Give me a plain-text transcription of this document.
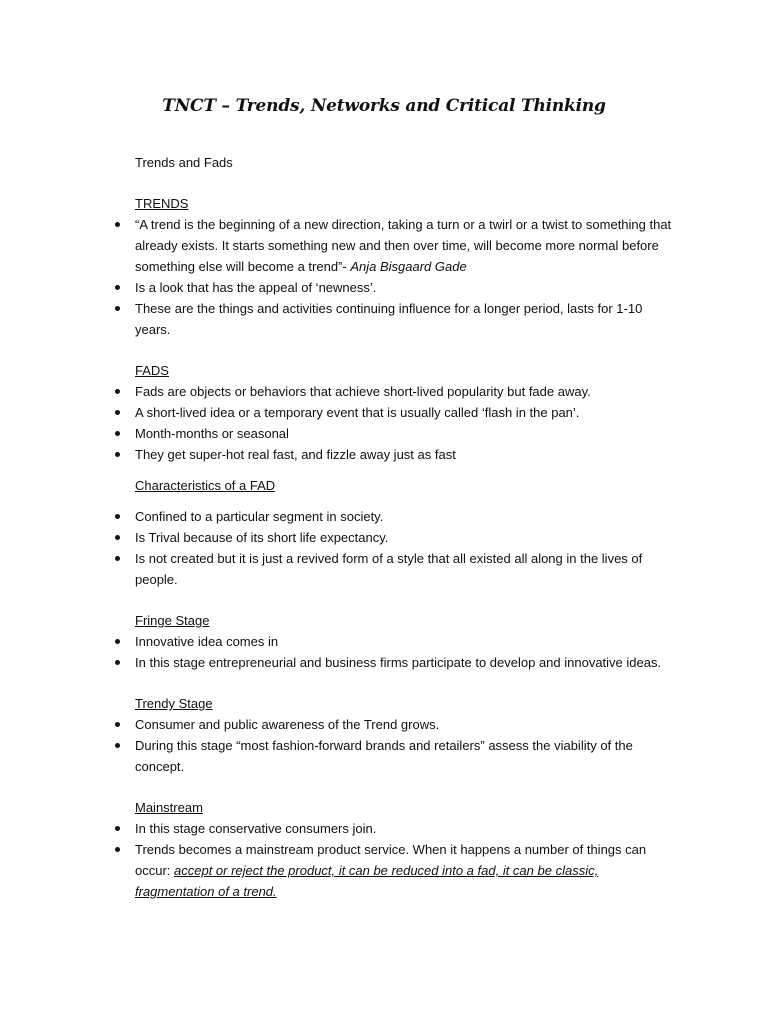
TNCT – Trends, Networks and Critical Thinking

Trends and Fads

TRENDS

“A trend is the beginning of a new direction, taking a turn or a twirl or a twist to something that already exists. It starts something new and then over time, will become more normal before something else will become a trend”- Anja Bisgaard Gade
Is a look that has the appeal of ‘newness’.
These are the things and activities continuing influence for a longer period, lasts for 1-10 years.

FADS

Fads are objects or behaviors that achieve short-lived popularity but fade away.
A short-lived idea or a temporary event that is usually called ‘flash in the pan’.
Month-months or seasonal
They get super-hot real fast, and fizzle away just as fast

Characteristics of a FAD

Confined to a particular segment in society.
Is Trival because of its short life expectancy.
Is not created but it is just a revived form of a style that all existed all along in the lives of people.

Fringe Stage

Innovative idea comes in
In this stage entrepreneurial and business firms participate to develop and innovative ideas.

Trendy Stage

Consumer and public awareness of the Trend grows.
During this stage “most fashion-forward brands and retailers” assess the viability of the concept.

Mainstream

In this stage conservative consumers join.
Trends becomes a mainstream product service. When it happens a number of things can occur: accept or reject the product, it can be reduced into a fad, it can be classic, fragmentation of a trend.
